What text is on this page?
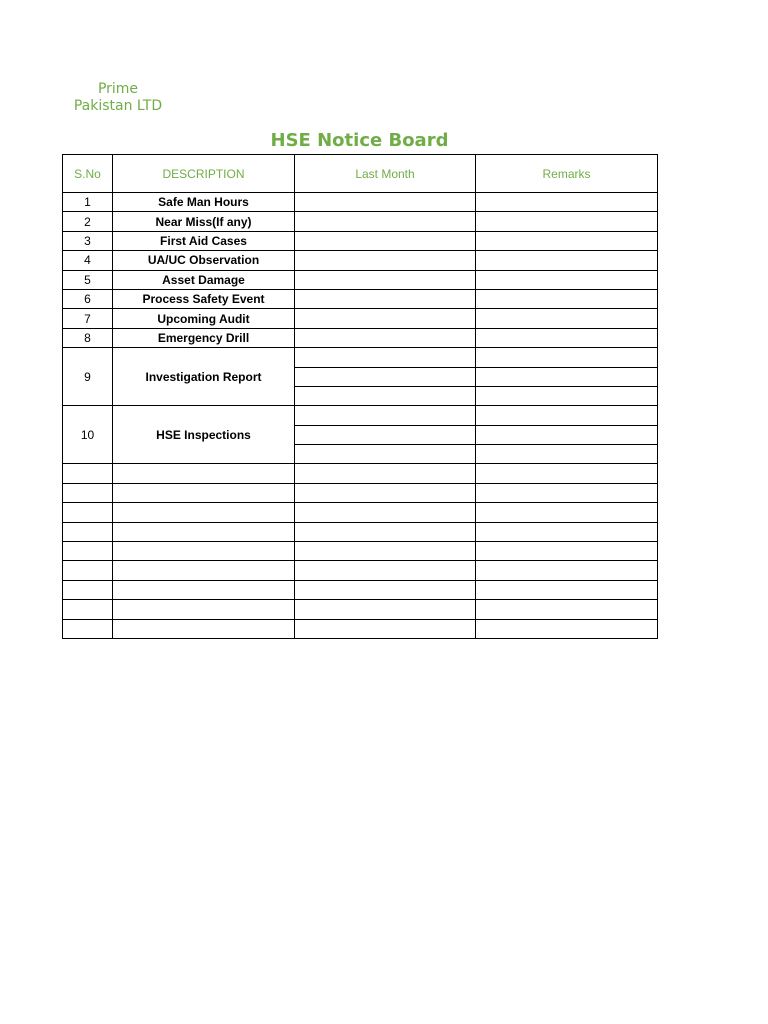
Prime
Pakistan LTD
HSE Notice Board
S.No	DESCRIPTION	Last Month	Remarks
1	Safe Man Hours		
2	Near Miss(If any)		
3	First Aid Cases		
4	UA/UC Observation		
5	Asset Damage		
6	Process Safety Event		
7	Upcoming Audit		
8	Emergency Drill		
9	Investigation Report		

10	HSE Inspections		
